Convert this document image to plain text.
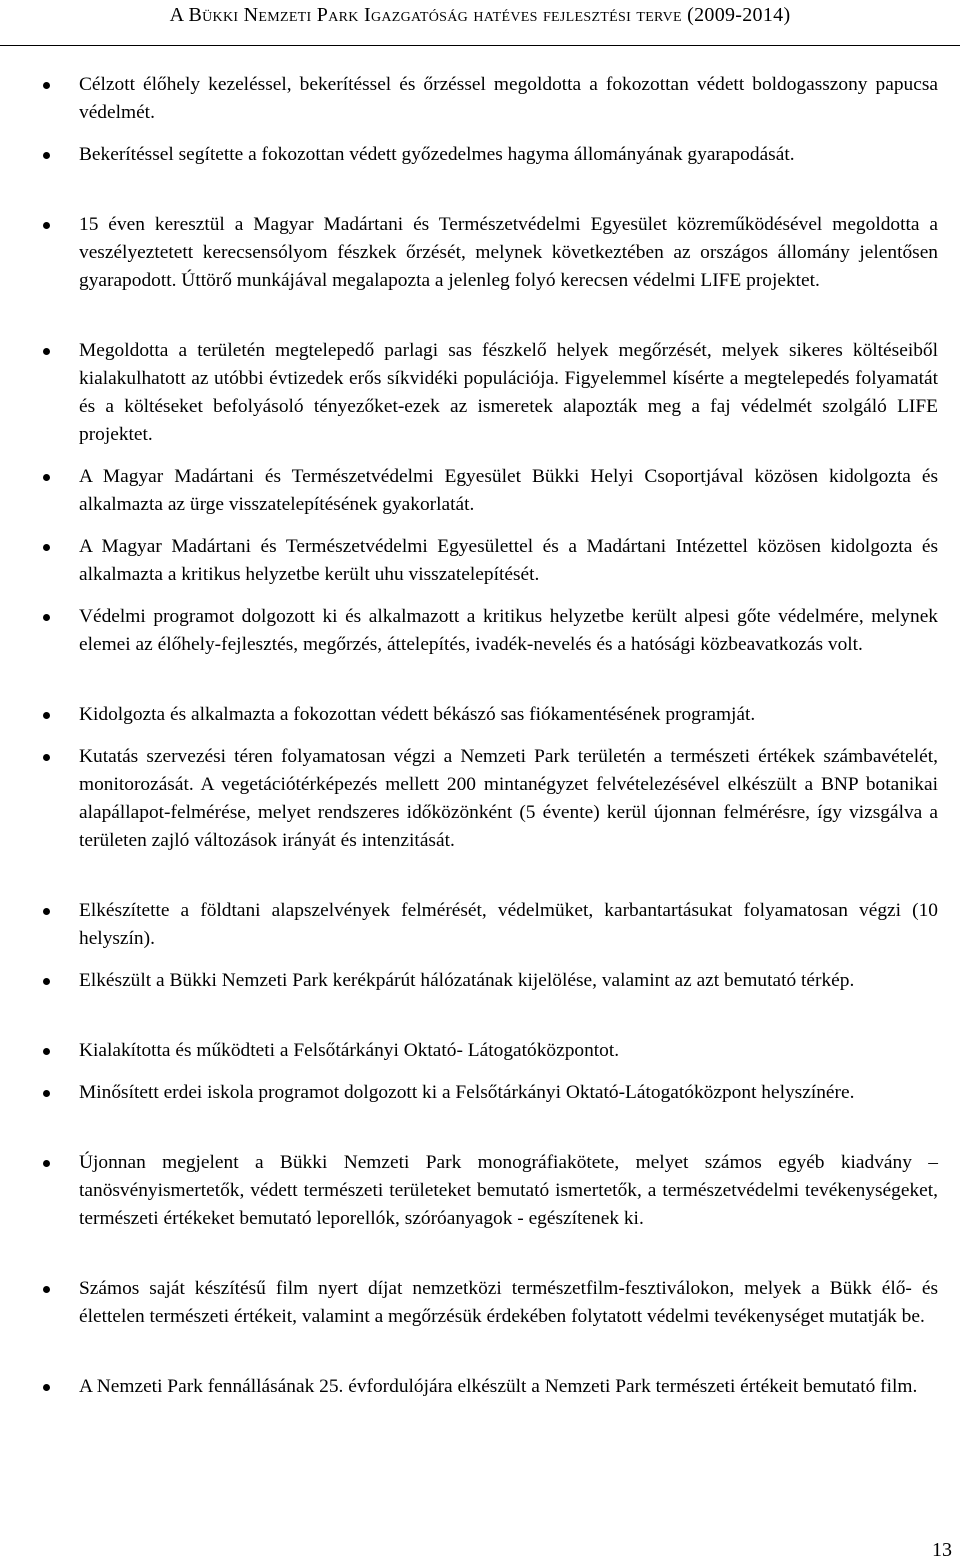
A Bükki Nemzeti Park Igazgatóság hatéves fejlesztési terve (2009-2014)
Célzott élőhely kezeléssel, bekerítéssel és őrzéssel megoldotta a fokozottan védett boldogasszony papucsa védelmét.
Bekerítéssel segítette a fokozottan védett győzedelmes hagyma állományának gyarapodását.
15 éven keresztül a Magyar Madártani és Természetvédelmi Egyesület közreműködésével megoldotta a veszélyeztetett kerecsensólyom fészkek őrzését, melynek következtében az országos állomány jelentősen gyarapodott. Úttörő munkájával megalapozta a jelenleg folyó kerecsen védelmi LIFE projektet.
Megoldotta a területén megtelepedő parlagi sas fészkelő helyek megőrzését, melyek sikeres költéseiből kialakulhatott az utóbbi évtizedek erős síkvidéki populációja. Figyelemmel kísérte a megtelepedés folyamatát és a költéseket befolyásoló tényezőket-ezek az ismeretek alapozták meg a faj védelmét szolgáló LIFE projektet.
A Magyar Madártani és Természetvédelmi Egyesület Bükki Helyi Csoportjával közösen kidolgozta és alkalmazta az ürge visszatelepítésének gyakorlatát.
A Magyar Madártani és Természetvédelmi Egyesülettel és a Madártani Intézettel közösen kidolgozta és alkalmazta a kritikus helyzetbe került uhu visszatelepítését.
Védelmi programot dolgozott ki és alkalmazott a kritikus helyzetbe került alpesi gőte védelmére, melynek elemei az élőhely-fejlesztés, megőrzés, áttelepítés, ivadék-nevelés és a hatósági közbeavatkozás volt.
Kidolgozta és alkalmazta a fokozottan védett békászó sas fiókamentésének programját.
Kutatás szervezési téren folyamatosan végzi a Nemzeti Park területén a természeti értékek számbavételét, monitorozását. A vegetációtérképezés mellett 200 mintanégyzet felvételezésével elkészült a BNP botanikai alapállapot-felmérése, melyet rendszeres időközönként (5 évente) kerül újonnan felmérésre, így vizsgálva a területen zajló változások irányát és intenzitását.
Elkészítette a földtani alapszelvények felmérését, védelmüket, karbantartásukat folyamatosan végzi (10 helyszín).
Elkészült a Bükki Nemzeti Park kerékpárút hálózatának kijelölése, valamint az azt bemutató térkép.
Kialakította és működteti a Felsőtárkányi Oktató- Látogatóközpontot.
Minősített erdei iskola programot dolgozott ki a Felsőtárkányi Oktató-Látogatóközpont helyszínére.
Újonnan megjelent a Bükki Nemzeti Park monográfiakötete, melyet számos egyéb kiadvány – tanösvényismertetők, védett természeti területeket bemutató ismertetők, a természetvédelmi tevékenységeket, természeti értékeket bemutató leporellók, szóróanyagok - egészítenek ki.
Számos saját készítésű film nyert díjat nemzetközi természetfilm-fesztiválokon, melyek a Bükk élő- és élettelen természeti értékeit, valamint a megőrzésük érdekében folytatott védelmi tevékenységet mutatják be.
A Nemzeti Park fennállásának 25. évfordulójára elkészült a Nemzeti Park természeti értékeit bemutató film.
13
